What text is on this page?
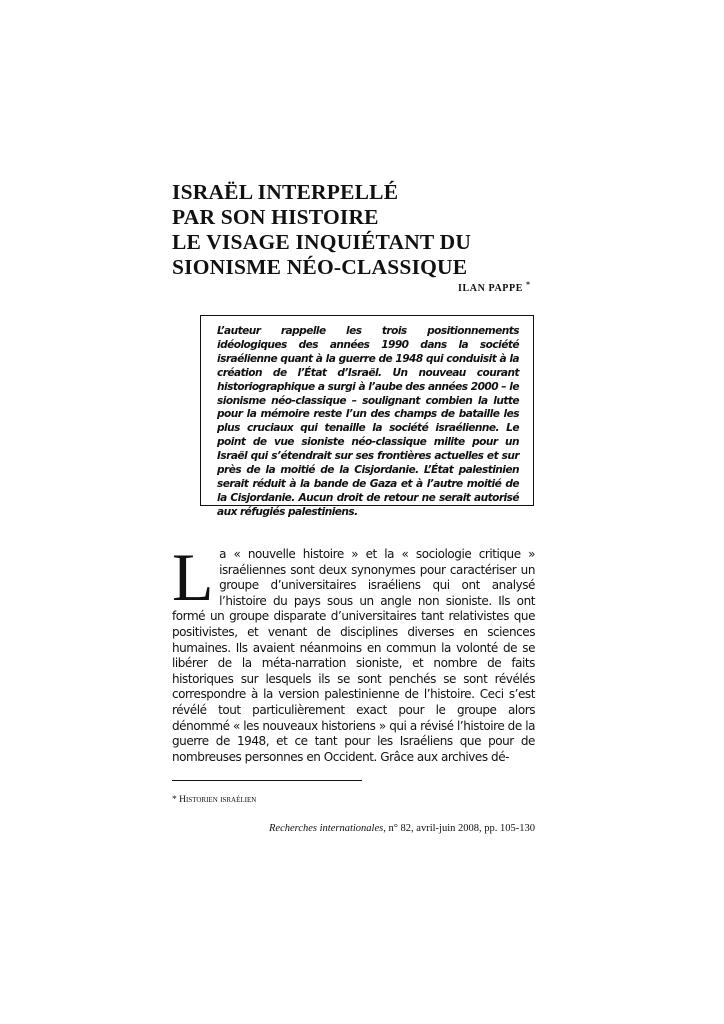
ISRAËL INTERPELLÉ
PAR SON HISTOIRE
LE VISAGE INQUIÉTANT DU
SIONISME NÉO-CLASSIQUE
ILAN PAPPE *

L’auteur rappelle les trois positionnements idéologiques des années 1990 dans la société israélienne quant à la guerre de 1948 qui conduisit à la création de l’État d’Israël. Un nouveau courant historiographique a surgi à l’aube des années 2000 – le sionisme néo-classique – soulignant combien la lutte pour la mémoire reste l’un des champs de bataille les plus cruciaux qui tenaille la société israélienne. Le point de vue sioniste néo-classique milite pour un Israël qui s’étendrait sur ses frontières actuelles et sur près de la moitié de la Cisjordanie. L’État palestinien serait réduit à la bande de Gaza et à l’autre moitié de la Cisjordanie. Aucun droit de retour ne serait autorisé aux réfugiés palestiniens.

La « nouvelle histoire » et la « sociologie critique » israéliennes sont deux synonymes pour caractériser un groupe d’universitaires israéliens qui ont analysé l’histoire du pays sous un angle non sioniste. Ils ont formé un groupe disparate d’universitaires tant relativistes que positivistes, et venant de disciplines diverses en sciences humaines. Ils avaient néanmoins en commun la volonté de se libérer de la méta-narration sioniste, et nombre de faits historiques sur lesquels ils se sont penchés se sont révélés correspondre à la version palestinienne de l’histoire. Ceci s’est révélé tout particulièrement exact pour le groupe alors dénommé « les nouveaux historiens » qui a révisé l’histoire de la guerre de 1948, et ce tant pour les Israéliens que pour de nombreuses personnes en Occident. Grâce aux archives dé-
* Historien israélien
Recherches internationales, n° 82, avril-juin 2008, pp. 105-130
